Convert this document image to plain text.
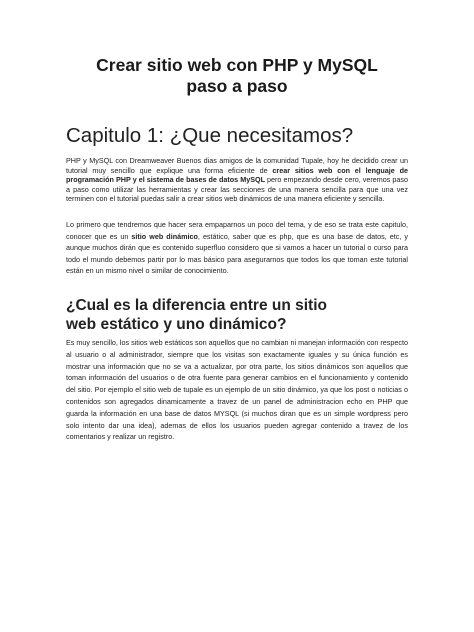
Crear sitio web con PHP y MySQL
paso a paso
Capitulo 1: ¿Que necesitamos?

PHP y MySQL con Dreamweaver Buenos dias amigos de la comunidad Tupale, hoy he decidido crear un tutorial muy sencillo que explique una forma eficiente de crear sitios web con el lenguaje de programación PHP y el sistema de bases de datos MySQL pero empezando desde cero, veremos paso a paso como utilizar las herramientas y crear las secciones de una manera sencilla para que una vez terminen con el tutorial puedas salir a crear sitios web dinámicos de una manera eficiente y sencilla.

Lo primero que tendremos que hacer sera empaparnos un poco del tema, y de eso se trata este capitulo, conocer que es un sitio web dinámico, estático, saber que es php, que es una base de datos, etc, y aunque muchos dirán que es contenido superfluo considero que si vamos a hacer un tutorial o curso para todo el mundo debemos partir por lo mas básico para asegurarnos que todos los que toman este tutorial están en un mismo nivel o similar de conocimiento.

¿Cual es la diferencia entre un sitio
web estático y uno dinámico?

Es muy sencillo, los sitios web estáticos son aquellos que no cambian ni manejan información con respecto al usuario o al administrador, siempre que los visitas son exactamente iguales y su única función es mostrar una información que no se va a actualizar, por otra parte, los sitios dinámicos son aquellos que toman información del usuarios o de otra fuente para generar cambios en el funcionamiento y contenido del sitio. Por ejemplo el sitio web de tupale es un ejemplo de un sitio dinámico, ya que los post o noticias o contenidos son agregados dinamicamente a travez de un panel de administracion echo en PHP que guarda la información en una base de datos MYSQL (si muchos diran que es un simple wordpress pero solo intento dar una idea), ademas de ellos los usuarios pueden agregar contenido a travez de los comentarios y realizar un registro.
